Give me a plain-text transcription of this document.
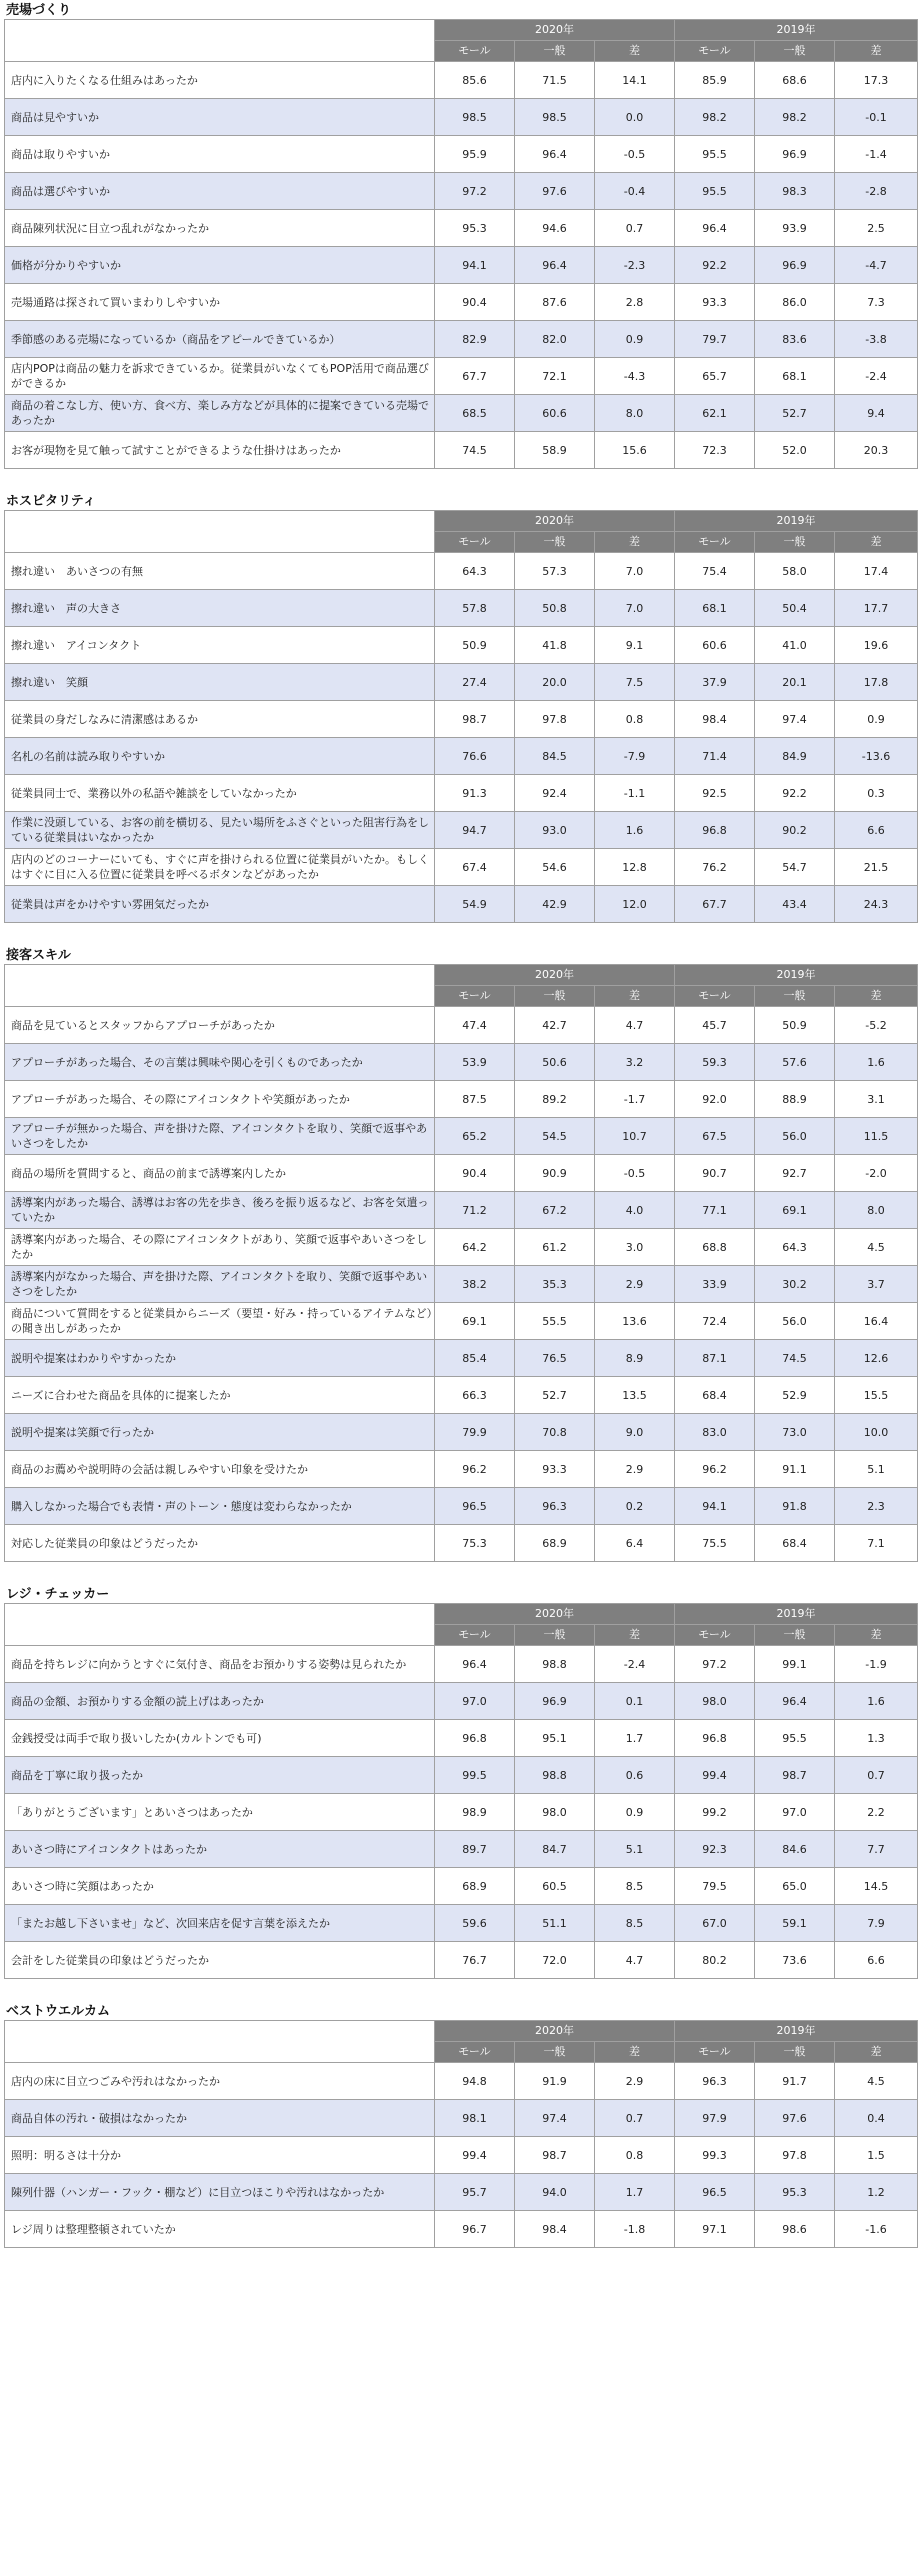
売場づくり
	2020年			2019年		
	モール	一般	差	モール	一般	差
店内に入りたくなる仕組みはあったか	85.6	71.5	14.1	85.9	68.6	17.3
商品は見やすいか	98.5	98.5	0.0	98.2	98.2	-0.1
商品は取りやすいか	95.9	96.4	-0.5	95.5	96.9	-1.4
商品は選びやすいか	97.2	97.6	-0.4	95.5	98.3	-2.8
商品陳列状況に目立つ乱れがなかったか	95.3	94.6	0.7	96.4	93.9	2.5
価格が分かりやすいか	94.1	96.4	-2.3	92.2	96.9	-4.7
売場通路は探されて買いまわりしやすいか	90.4	87.6	2.8	93.3	86.0	7.3
季節感のある売場になっているか（商品をアピールできているか）	82.9	82.0	0.9	79.7	83.6	-3.8
店内POPは商品の魅力を訴求できているか。従業員がいなくてもPOP活用で商品選びができるか	67.7	72.1	-4.3	65.7	68.1	-2.4
商品の着こなし方、使い方、食べ方、楽しみ方などが具体的に提案できている売場であったか	68.5	60.6	8.0	62.1	52.7	9.4
お客が現物を見て触って試すことができるような仕掛けはあったか	74.5	58.9	15.6	72.3	52.0	20.3
ホスピタリティ
	2020年			2019年		
	モール	一般	差	モール	一般	差
擦れ違い　あいさつの有無	64.3	57.3	7.0	75.4	58.0	17.4
擦れ違い　声の大きさ	57.8	50.8	7.0	68.1	50.4	17.7
擦れ違い　アイコンタクト	50.9	41.8	9.1	60.6	41.0	19.6
擦れ違い　笑顔	27.4	20.0	7.5	37.9	20.1	17.8
従業員の身だしなみに清潔感はあるか	98.7	97.8	0.8	98.4	97.4	0.9
名札の名前は読み取りやすいか	76.6	84.5	-7.9	71.4	84.9	-13.6
従業員同士で、業務以外の私語や雑談をしていなかったか	91.3	92.4	-1.1	92.5	92.2	0.3
作業に没頭している、お客の前を横切る、見たい場所をふさぐといった阻害行為をしている従業員はいなかったか	94.7	93.0	1.6	96.8	90.2	6.6
店内のどのコーナーにいても、すぐに声を掛けられる位置に従業員がいたか。もしくはすぐに目に入る位置に従業員を呼べるボタンなどがあったか	67.4	54.6	12.8	76.2	54.7	21.5
従業員は声をかけやすい雰囲気だったか	54.9	42.9	12.0	67.7	43.4	24.3
接客スキル
	2020年			2019年		
	モール	一般	差	モール	一般	差
商品を見ているとスタッフからアプローチがあったか	47.4	42.7	4.7	45.7	50.9	-5.2
アプローチがあった場合、その言葉は興味や関心を引くものであったか	53.9	50.6	3.2	59.3	57.6	1.6
アプローチがあった場合、その際にアイコンタクトや笑顔があったか	87.5	89.2	-1.7	92.0	88.9	3.1
アプローチが無かった場合、声を掛けた際、アイコンタクトを取り、笑顔で返事やあいさつをしたか	65.2	54.5	10.7	67.5	56.0	11.5
商品の場所を質問すると、商品の前まで誘導案内したか	90.4	90.9	-0.5	90.7	92.7	-2.0
誘導案内があった場合、誘導はお客の先を歩き、後ろを振り返るなど、お客を気遣っていたか	71.2	67.2	4.0	77.1	69.1	8.0
誘導案内があった場合、その際にアイコンタクトがあり、笑顔で返事やあいさつをしたか	64.2	61.2	3.0	68.8	64.3	4.5
誘導案内がなかった場合、声を掛けた際、アイコンタクトを取り、笑顔で返事やあいさつをしたか	38.2	35.3	2.9	33.9	30.2	3.7
商品について質問をすると従業員からニーズ（要望・好み・持っているアイテムなど）の聞き出しがあったか	69.1	55.5	13.6	72.4	56.0	16.4
説明や提案はわかりやすかったか	85.4	76.5	8.9	87.1	74.5	12.6
ニーズに合わせた商品を具体的に提案したか	66.3	52.7	13.5	68.4	52.9	15.5
説明や提案は笑顔で行ったか	79.9	70.8	9.0	83.0	73.0	10.0
商品のお薦めや説明時の会話は親しみやすい印象を受けたか	96.2	93.3	2.9	96.2	91.1	5.1
購入しなかった場合でも表情・声のトーン・態度は変わらなかったか	96.5	96.3	0.2	94.1	91.8	2.3
対応した従業員の印象はどうだったか	75.3	68.9	6.4	75.5	68.4	7.1
レジ・チェッカー
	2020年			2019年		
	モール	一般	差	モール	一般	差
商品を持ちレジに向かうとすぐに気付き、商品をお預かりする姿勢は見られたか	96.4	98.8	-2.4	97.2	99.1	-1.9
商品の金額、お預かりする金額の読上げはあったか	97.0	96.9	0.1	98.0	96.4	1.6
金銭授受は両手で取り扱いしたか(カルトンでも可)	96.8	95.1	1.7	96.8	95.5	1.3
商品を丁寧に取り扱ったか	99.5	98.8	0.6	99.4	98.7	0.7
「ありがとうございます」とあいさつはあったか	98.9	98.0	0.9	99.2	97.0	2.2
あいさつ時にアイコンタクトはあったか	89.7	84.7	5.1	92.3	84.6	7.7
あいさつ時に笑顔はあったか	68.9	60.5	8.5	79.5	65.0	14.5
「またお越し下さいませ」など、次回来店を促す言葉を添えたか	59.6	51.1	8.5	67.0	59.1	7.9
会計をした従業員の印象はどうだったか	76.7	72.0	4.7	80.2	73.6	6.6
ベストウエルカム
	2020年			2019年		
	モール	一般	差	モール	一般	差
店内の床に目立つごみや汚れはなかったか	94.8	91.9	2.9	96.3	91.7	4.5
商品自体の汚れ・破損はなかったか	98.1	97.4	0.7	97.9	97.6	0.4
照明：明るさは十分か	99.4	98.7	0.8	99.3	97.8	1.5
陳列什器（ハンガー・フック・棚など）に目立つほこりや汚れはなかったか	95.7	94.0	1.7	96.5	95.3	1.2
レジ周りは整理整頓されていたか	96.7	98.4	-1.8	97.1	98.6	-1.6
